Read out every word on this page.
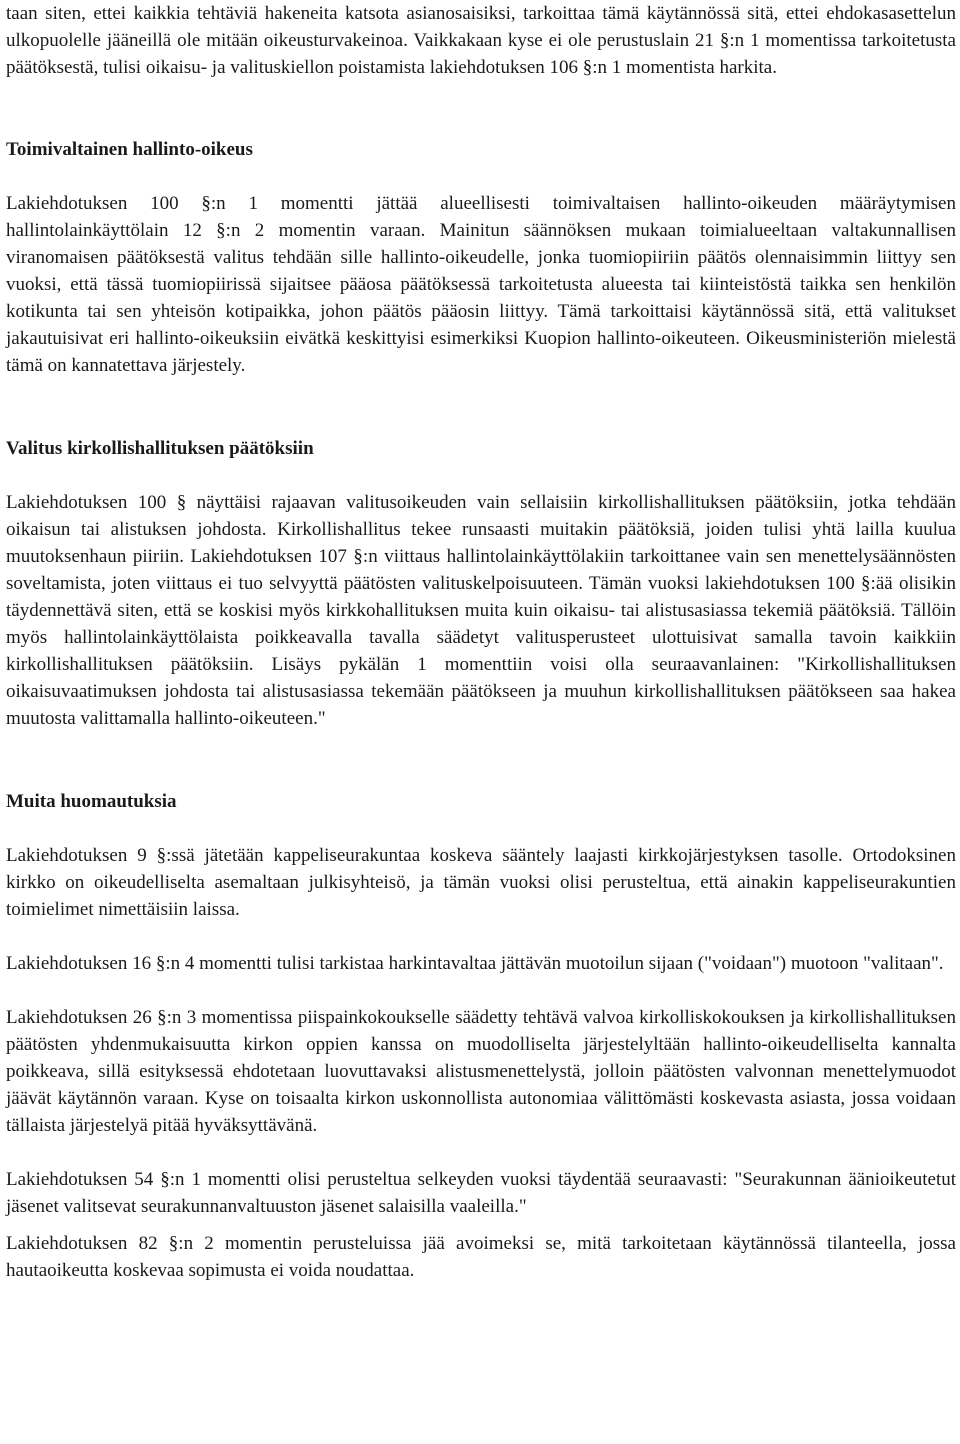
taan siten, ettei kaikkia tehtäviä hakeneita katsota asianosaisiksi, tarkoittaa tämä käytännössä sitä, ettei ehdokasasettelun ulkopuolelle jääneillä ole mitään oikeusturvakeinoa. Vaikkakaan kyse ei ole perustuslain 21 §:n 1 momentissa tarkoitetusta päätöksestä, tulisi oikaisu- ja valituskiellon poistamista lakiehdotuksen 106 §:n 1 momentista harkita.

Toimivaltainen hallinto-oikeus

Lakiehdotuksen 100 §:n 1 momentti jättää alueellisesti toimivaltaisen hallinto-oikeuden määräytymisen hallintolainkäyttölain 12 §:n 2 momentin varaan. Mainitun säännöksen mukaan toimialueeltaan valtakunnallisen viranomaisen päätöksestä valitus tehdään sille hallinto-oikeudelle, jonka tuomiopiiriin päätös olennaisimmin liittyy sen vuoksi, että tässä tuomiopiirissä sijaitsee pääosa päätöksessä tarkoitetusta alueesta tai kiinteistöstä taikka sen henkilön kotikunta tai sen yhteisön kotipaikka, johon päätös pääosin liittyy. Tämä tarkoittaisi käytännössä sitä, että valitukset jakautuisivat eri hallinto-oikeuksiin eivätkä keskittyisi esimerkiksi Kuopion hallinto-oikeuteen. Oikeusministeriön mielestä tämä on kannatettava järjestely.

Valitus kirkollishallituksen päätöksiin

Lakiehdotuksen 100 § näyttäisi rajaavan valitusoikeuden vain sellaisiin kirkollishallituksen päätöksiin, jotka tehdään oikaisun tai alistuksen johdosta. Kirkollishallitus tekee runsaasti muitakin päätöksiä, joiden tulisi yhtä lailla kuulua muutoksenhaun piiriin. Lakiehdotuksen 107 §:n viittaus hallintolainkäyttölakiin tarkoittanee vain sen menettelysäännösten soveltamista, joten viittaus ei tuo selvyyttä päätösten valituskelpoisuuteen. Tämän vuoksi lakiehdotuksen 100 §:ää olisikin täydennettävä siten, että se koskisi myös kirkkohallituksen muita kuin oikaisu- tai alistusasiassa tekemiä päätöksiä. Tällöin myös hallintolainkäyttölaista poikkeavalla tavalla säädetyt valitusperusteet ulottuisivat samalla tavoin kaikkiin kirkollishallituksen päätöksiin. Lisäys pykälän 1 momenttiin voisi olla seuraavanlainen: "Kirkollishallituksen oikaisuvaatimuksen johdosta tai alistusasiassa tekemään päätökseen ja muuhun kirkollishallituksen päätökseen saa hakea muutosta valittamalla hallinto-oikeuteen."

Muita huomautuksia

Lakiehdotuksen 9 §:ssä jätetään kappeliseurakuntaa koskeva sääntely laajasti kirkkojärjestyksen tasolle. Ortodoksinen kirkko on oikeudelliselta asemaltaan julkisyhteisö, ja tämän vuoksi olisi perusteltua, että ainakin kappeliseurakuntien toimielimet nimettäisiin laissa.

Lakiehdotuksen 16 §:n 4 momentti tulisi tarkistaa harkintavaltaa jättävän muotoilun sijaan ("voidaan") muotoon "valitaan".

Lakiehdotuksen 26 §:n 3 momentissa piispainkokoukselle säädetty tehtävä valvoa kirkolliskokouksen ja kirkollishallituksen päätösten yhdenmukaisuutta kirkon oppien kanssa on muodolliselta järjestelyltään hallinto-oikeudelliselta kannalta poikkeava, sillä esityksessä ehdotetaan luovuttavaksi alistusmenettelystä, jolloin päätösten valvonnan menettelymuodot jäävät käytännön varaan. Kyse on toisaalta kirkon uskonnollista autonomiaa välittömästi koskevasta asiasta, jossa voidaan tällaista järjestelyä pitää hyväksyttävänä.

Lakiehdotuksen 54 §:n 1 momentti olisi perusteltua selkeyden vuoksi täydentää seuraavasti: "Seurakunnan äänioikeutetut jäsenet valitsevat seurakunnanvaltuuston jäsenet salaisilla vaaleilla."

Lakiehdotuksen 82 §:n 2 momentin perusteluissa jää avoimeksi se, mitä tarkoitetaan käytännössä tilanteella, jossa hautaoikeutta koskevaa sopimusta ei voida noudattaa.
